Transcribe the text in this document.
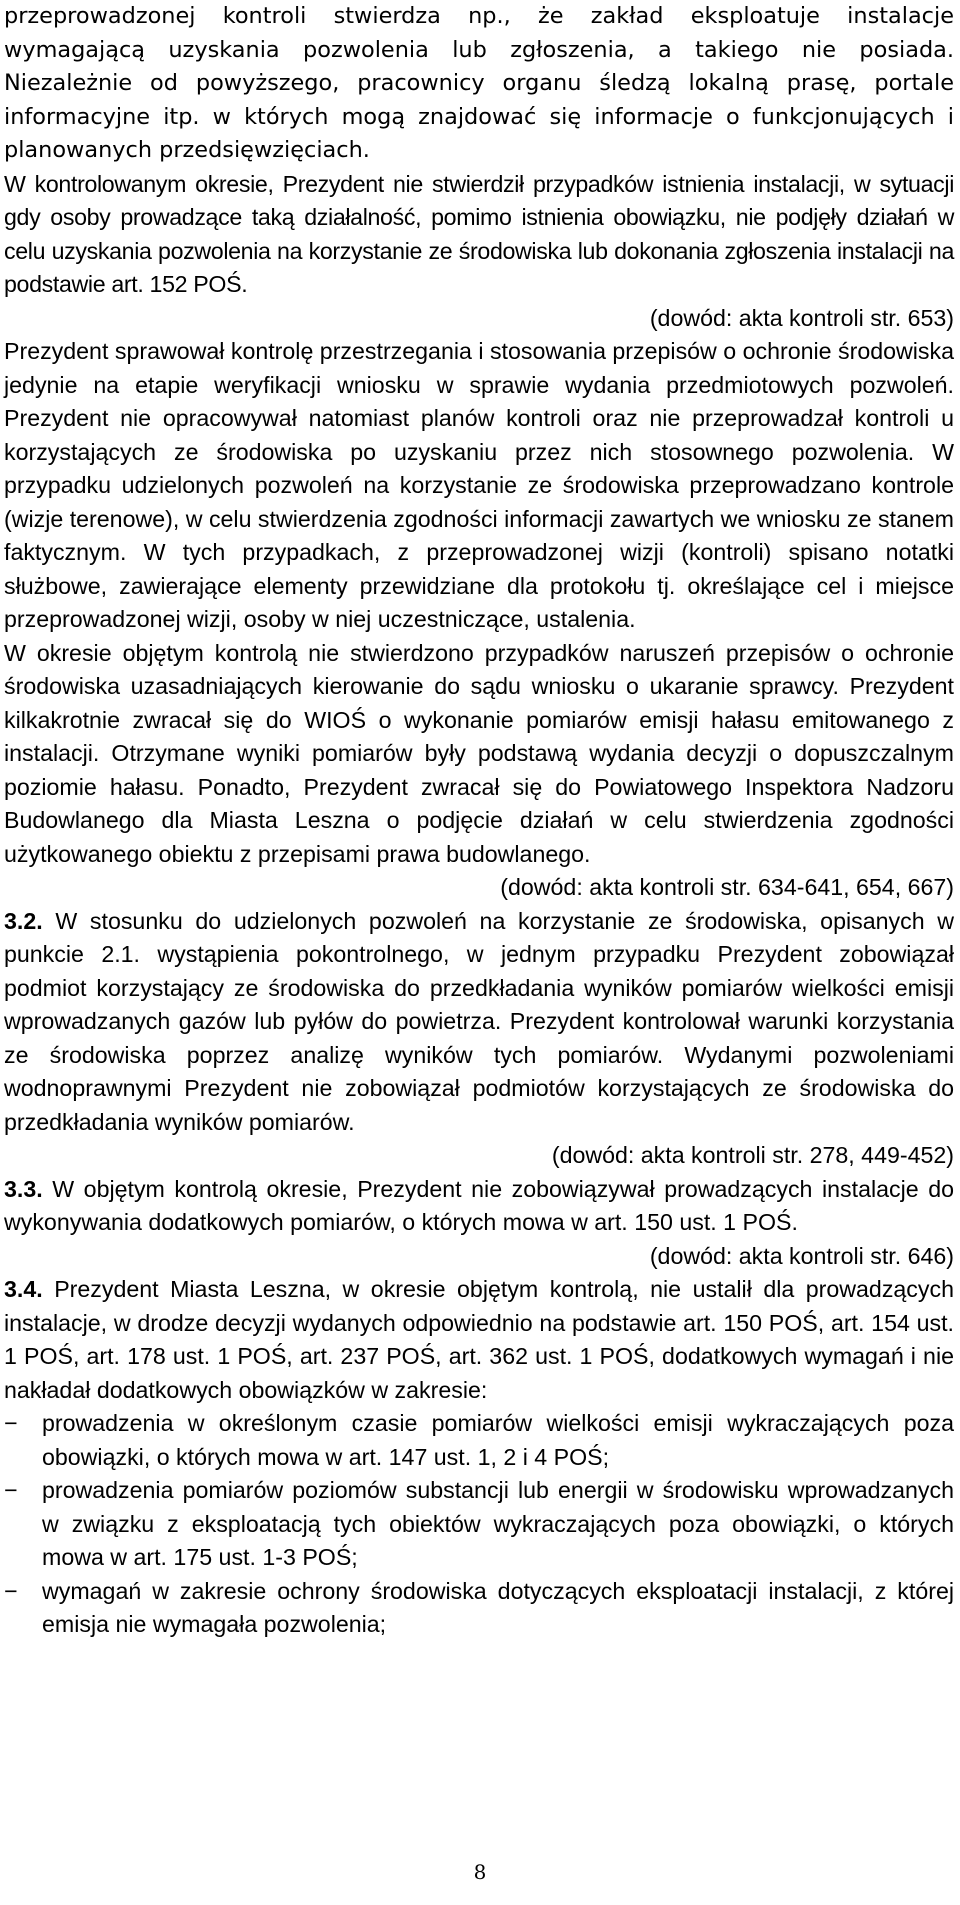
przeprowadzonej kontroli stwierdza np., że zakład eksploatuje instalacje wymagającą uzyskania pozwolenia lub zgłoszenia, a takiego nie posiada. Niezależnie od powyższego, pracownicy organu śledzą lokalną prasę, portale informacyjne itp. w których mogą znajdować się informacje o funkcjonujących i planowanych przedsięwzięciach.

W kontrolowanym okresie, Prezydent nie stwierdził przypadków istnienia instalacji, w sytuacji gdy osoby prowadzące taką działalność, pomimo istnienia obowiązku, nie podjęły działań w celu uzyskania pozwolenia na korzystanie ze środowiska lub dokonania zgłoszenia instalacji na podstawie art. 152 POŚ.

(dowód: akta kontroli str. 653)

Prezydent sprawował kontrolę przestrzegania i stosowania przepisów o ochronie środowiska jedynie na etapie weryfikacji wniosku w sprawie wydania przedmiotowych pozwoleń. Prezydent nie opracowywał natomiast planów kontroli oraz nie przeprowadzał kontroli u korzystających ze środowiska po uzyskaniu przez nich stosownego pozwolenia. W przypadku udzielonych pozwoleń na korzystanie ze środowiska przeprowadzano kontrole (wizje terenowe), w celu stwierdzenia zgodności informacji zawartych we wniosku ze stanem faktycznym. W tych przypadkach, z przeprowadzonej wizji (kontroli) spisano notatki służbowe, zawierające elementy przewidziane dla protokołu tj. określające cel i miejsce przeprowadzonej wizji, osoby w niej uczestniczące, ustalenia.

W okresie objętym kontrolą nie stwierdzono przypadków naruszeń przepisów o ochronie środowiska uzasadniających kierowanie do sądu wniosku o ukaranie sprawcy. Prezydent kilkakrotnie zwracał się do WIOŚ o wykonanie pomiarów emisji hałasu emitowanego z instalacji. Otrzymane wyniki pomiarów były podstawą wydania decyzji o dopuszczalnym poziomie hałasu. Ponadto, Prezydent zwracał się do Powiatowego Inspektora Nadzoru Budowlanego dla Miasta Leszna o podjęcie działań w celu stwierdzenia zgodności użytkowanego obiektu z przepisami prawa budowlanego.

(dowód: akta kontroli str. 634-641, 654, 667)

3.2. W stosunku do udzielonych pozwoleń na korzystanie ze środowiska, opisanych w punkcie 2.1. wystąpienia pokontrolnego, w jednym przypadku Prezydent zobowiązał podmiot korzystający ze środowiska do przedkładania wyników pomiarów wielkości emisji wprowadzanych gazów lub pyłów do powietrza. Prezydent kontrolował warunki korzystania ze środowiska poprzez analizę wyników tych pomiarów. Wydanymi pozwoleniami wodnoprawnymi Prezydent nie zobowiązał podmiotów korzystających ze środowiska do przedkładania wyników pomiarów.

(dowód: akta kontroli str. 278, 449-452)

3.3. W objętym kontrolą okresie, Prezydent nie zobowiązywał prowadzących instalacje do wykonywania dodatkowych pomiarów, o których mowa w art. 150 ust. 1 POŚ.

(dowód: akta kontroli str. 646)

3.4. Prezydent Miasta Leszna, w okresie objętym kontrolą, nie ustalił dla prowadzących instalacje, w drodze decyzji wydanych odpowiednio na podstawie art. 150 POŚ, art. 154 ust. 1 POŚ, art. 178 ust. 1 POŚ, art. 237 POŚ, art. 362 ust. 1 POŚ, dodatkowych wymagań i nie nakładał dodatkowych obowiązków w zakresie:

− prowadzenia w określonym czasie pomiarów wielkości emisji wykraczających poza obowiązki, o których mowa w art. 147 ust. 1, 2 i 4 POŚ;
− prowadzenia pomiarów poziomów substancji lub energii w środowisku wprowadzanych w związku z eksploatacją tych obiektów wykraczających poza obowiązki, o których mowa w art. 175 ust. 1-3 POŚ;
− wymagań w zakresie ochrony środowiska dotyczących eksploatacji instalacji, z której emisja nie wymagała pozwolenia;
8
